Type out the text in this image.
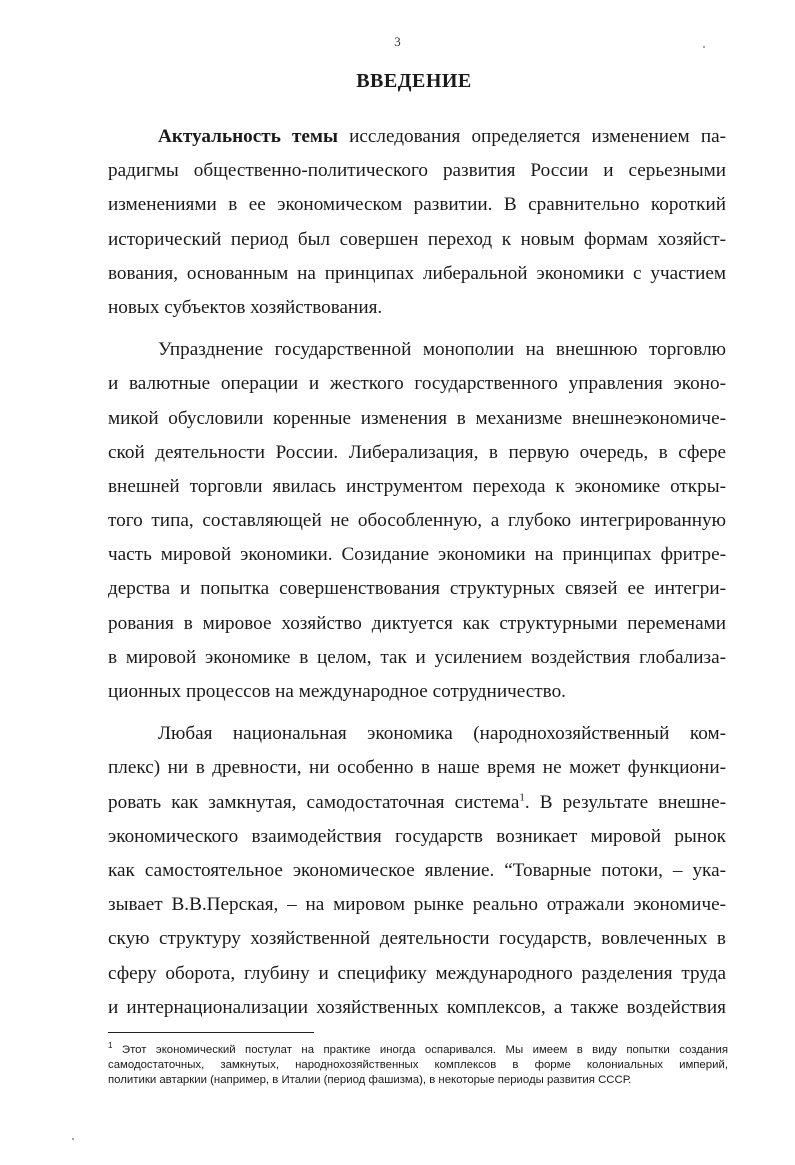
3
ВВЕДЕНИЕ
Актуальность темы исследования определяется изменением па-
радигмы общественно-политического развития России и серьезными
изменениями в ее экономическом развитии. В сравнительно короткий
исторический период был совершен переход к новым формам хозяйст-
вования, основанным на принципах либеральной экономики с участием
новых субъектов хозяйствования.
Упразднение государственной монополии на внешнюю торговлю
и валютные операции и жесткого государственного управления эконо-
микой обусловили коренные изменения в механизме внешнеэкономиче-
ской деятельности России. Либерализация, в первую очередь, в сфере
внешней торговли явилась инструментом перехода к экономике откры-
того типа, составляющей не обособленную, а глубоко интегрированную
часть мировой экономики. Созидание экономики на принципах фритре-
дерства и попытка совершенствования структурных связей ее интегри-
рования в мировое хозяйство диктуется как структурными переменами
в мировой экономике в целом, так и усилением воздействия глобализа-
ционных процессов на международное сотрудничество.
Любая национальная экономика (народнохозяйственный ком-
плекс) ни в древности, ни особенно в наше время не может функциони-
ровать как замкнутая, самодостаточная система$^1$. В результате внешне-
экономического взаимодействия государств возникает мировой рынок
как самостоятельное экономическое явление. “Товарные потоки, – ука-
зывает В.В.Перская, – на мировом рынке реально отражали экономиче-
скую структуру хозяйственной деятельности государств, вовлеченных в
сферу оборота, глубину и специфику международного разделения труда
и интернационализации хозяйственных комплексов, а также воздействия
$^1$ Этот экономический постулат на практике иногда оспаривался. Мы имеем в виду попытки создания
самодостаточных, замкнутых, народнохозяйственных комплексов в форме колониальных империй,
политики автаркии (например, в Италии (период фашизма), в некоторые периоды развития СССР.
